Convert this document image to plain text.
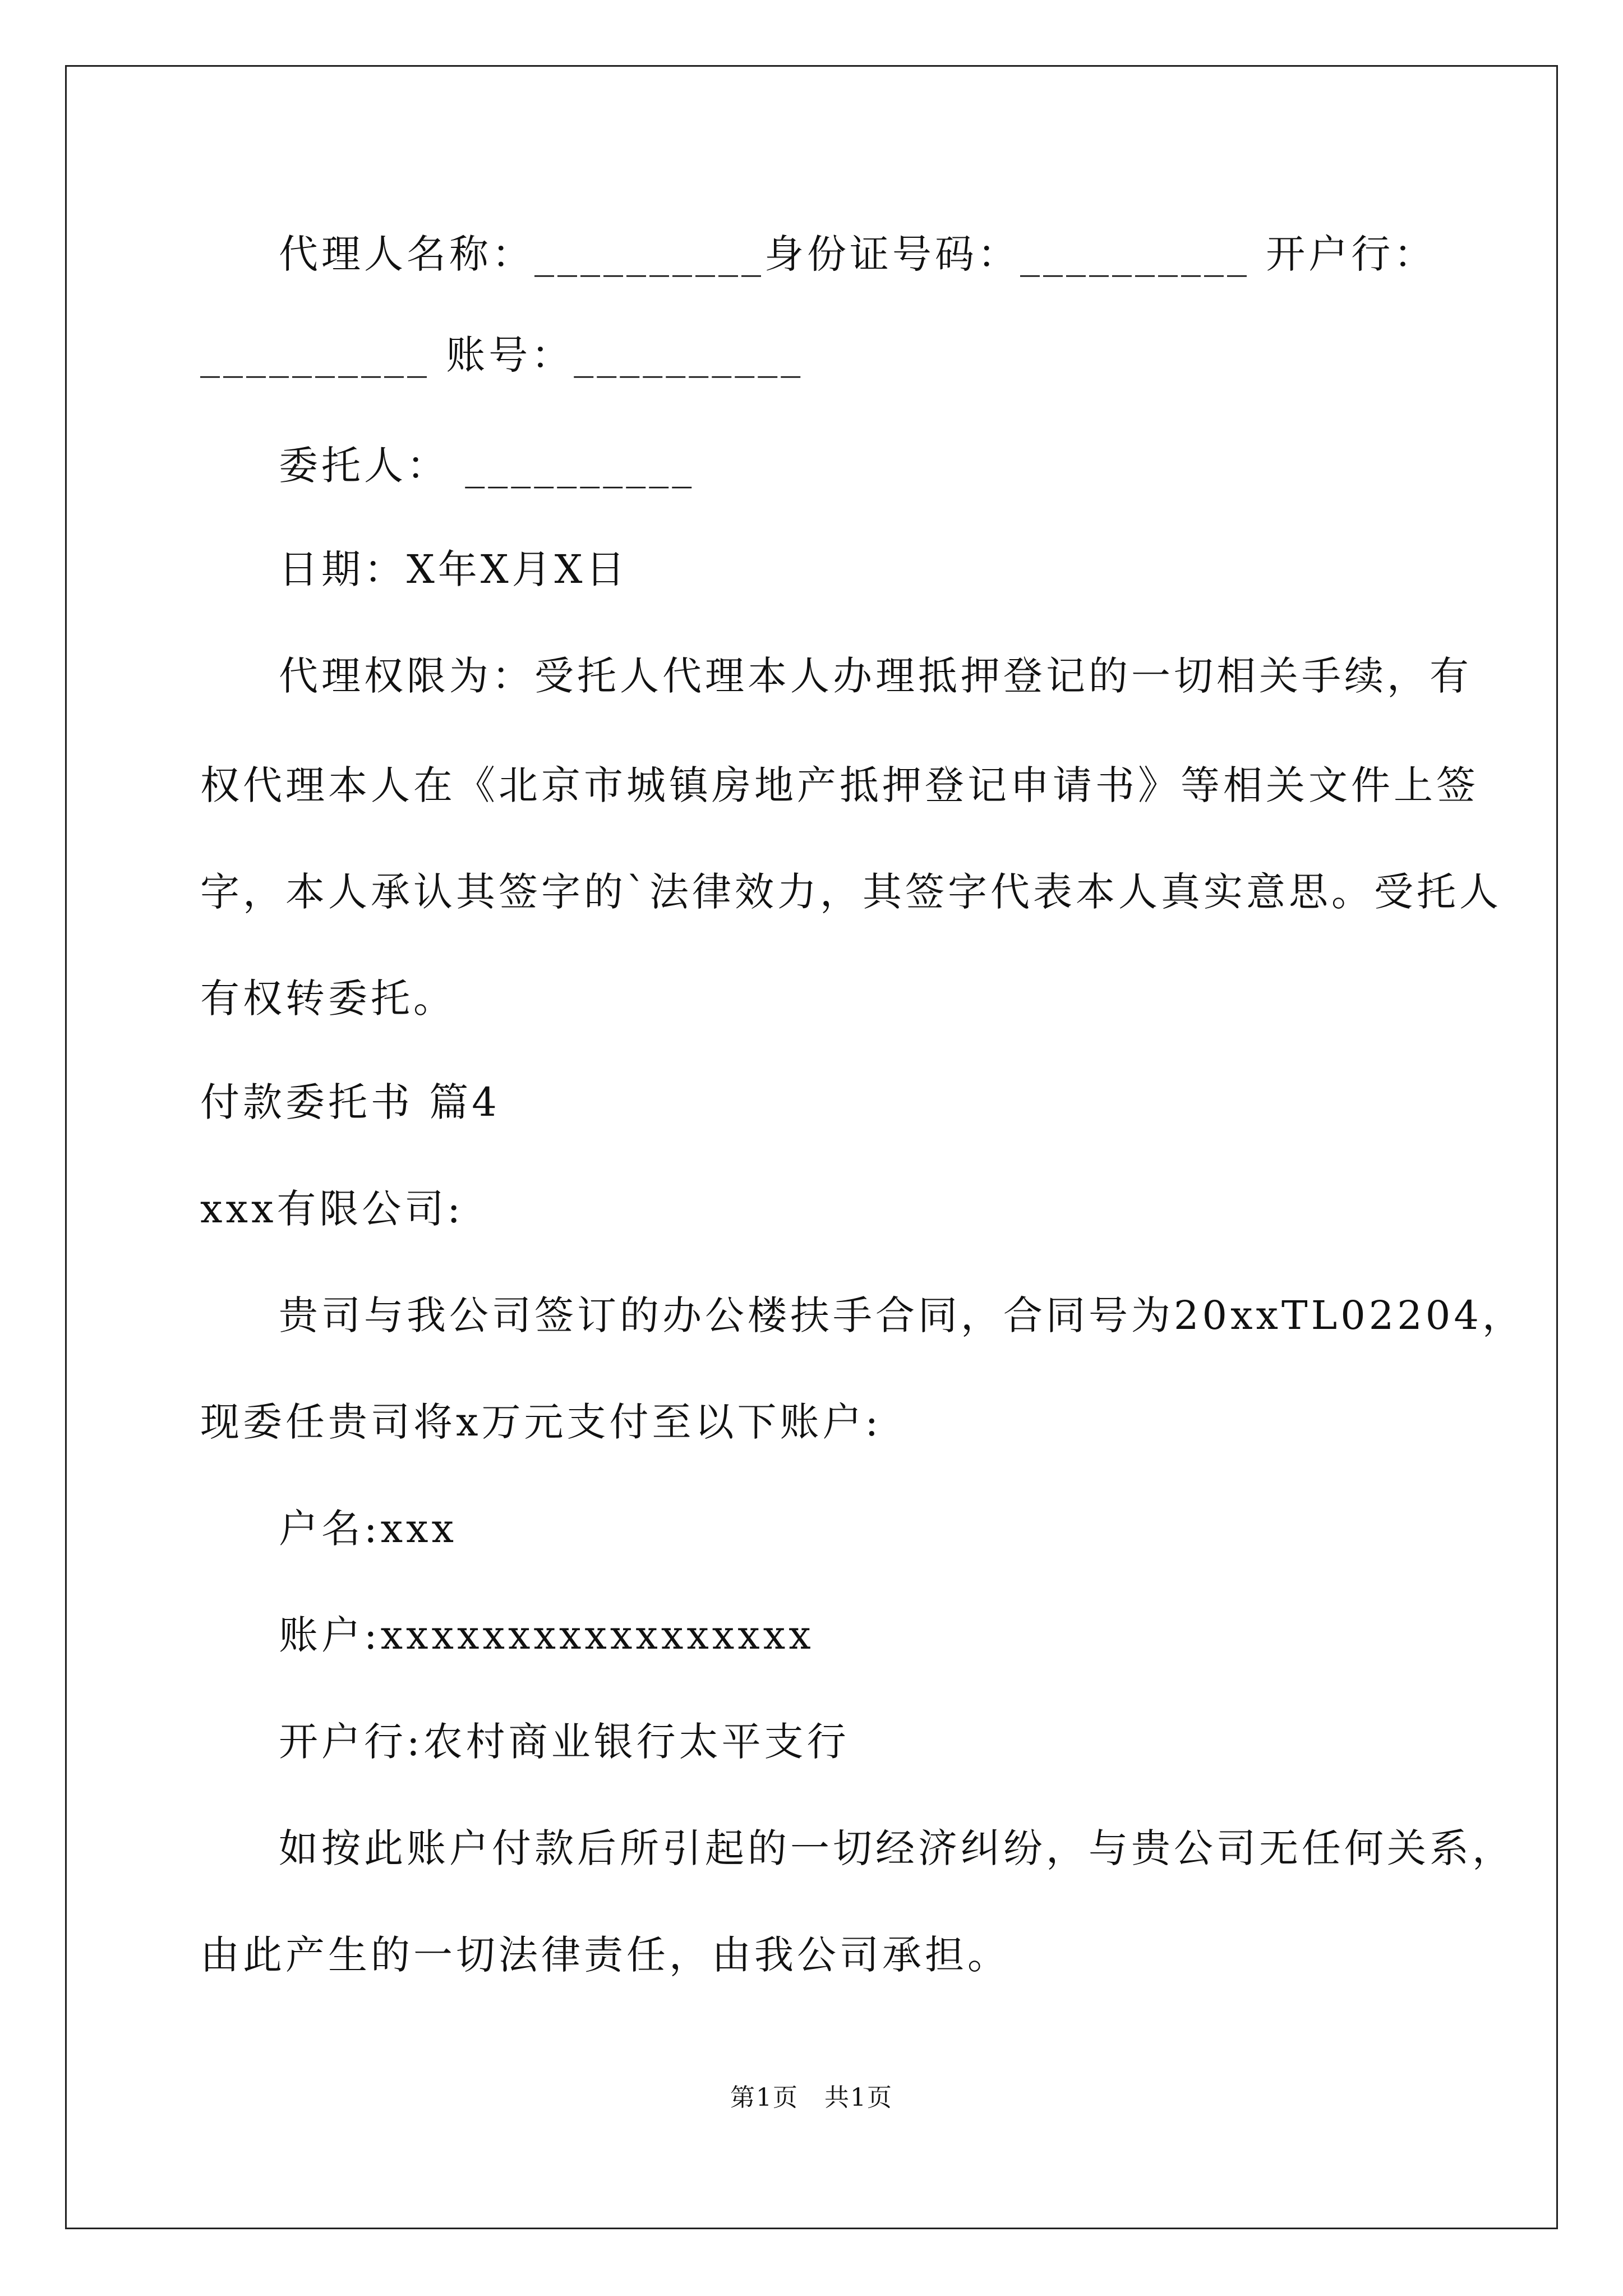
代理人名称：__________身份证号码：__________ 开户行：
__________ 账号：__________
委托人： __________
日期：X年X月X日
代理权限为：受托人代理本人办理抵押登记的一切相关手续，有
权代理本人在《北京市城镇房地产抵押登记申请书》等相关文件上签
字，本人承认其签字的`法律效力，其签字代表本人真实意思。受托人
有权转委托。
付款委托书 篇4
xxx有限公司:
贵司与我公司签订的办公楼扶手合同，合同号为20xxTL02204，
现委任贵司将x万元支付至以下账户:
户名:xxx
账户:xxxxxxxxxxxxxxxxx
开户行:农村商业银行太平支行
如按此账户付款后所引起的一切经济纠纷，与贵公司无任何关系，
由此产生的一切法律责任，由我公司承担。
第1页　共1页
